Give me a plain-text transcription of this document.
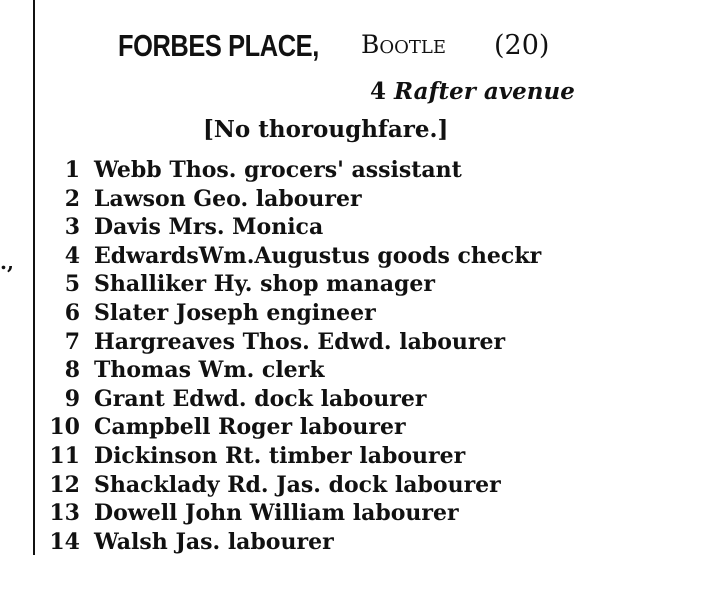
.,
FORBES PLACE,	Bootle (20)
4 Rafter avenue
[No thoroughfare.]
1 Webb Thos. grocers' assistant
2 Lawson Geo. labourer
3 Davis Mrs. Monica
4 EdwardsWm.Augustus goods checkr
5 Shalliker Hy. shop manager
6 Slater Joseph engineer
7 Hargreaves Thos. Edwd. labourer
8 Thomas Wm. clerk
9 Grant Edwd. dock labourer
10 Campbell Roger labourer
11 Dickinson Rt. timber labourer
12 Shacklady Rd. Jas. dock labourer
13 Dowell John William labourer
14 Walsh Jas. labourer
